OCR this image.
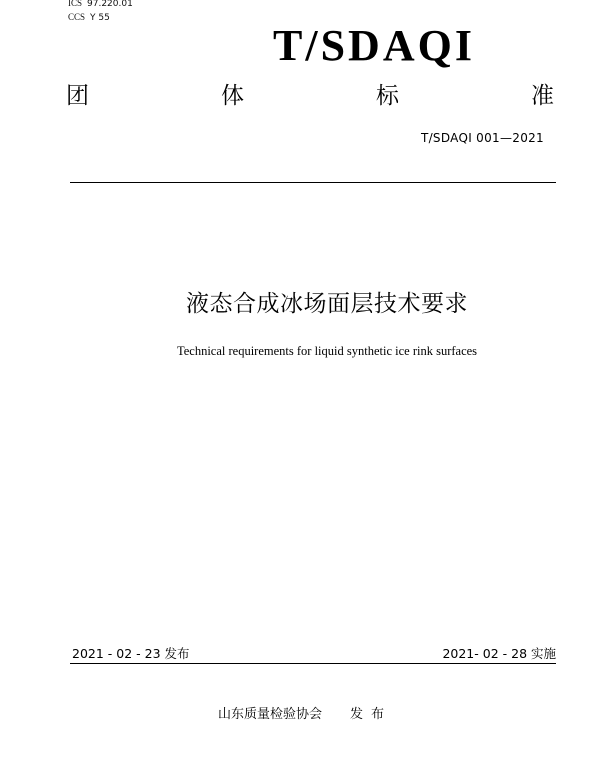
ICS 97.220.01
CCS Y 55
T/SDAQI
团	体	标	准
T/SDAQI 001—2021
液态合成冰场面层技术要求
Technical requirements for liquid synthetic ice rink surfaces
2021 - 02 - 23 发布	2021- 02 - 28 实施
山东质量检验协会 发布
